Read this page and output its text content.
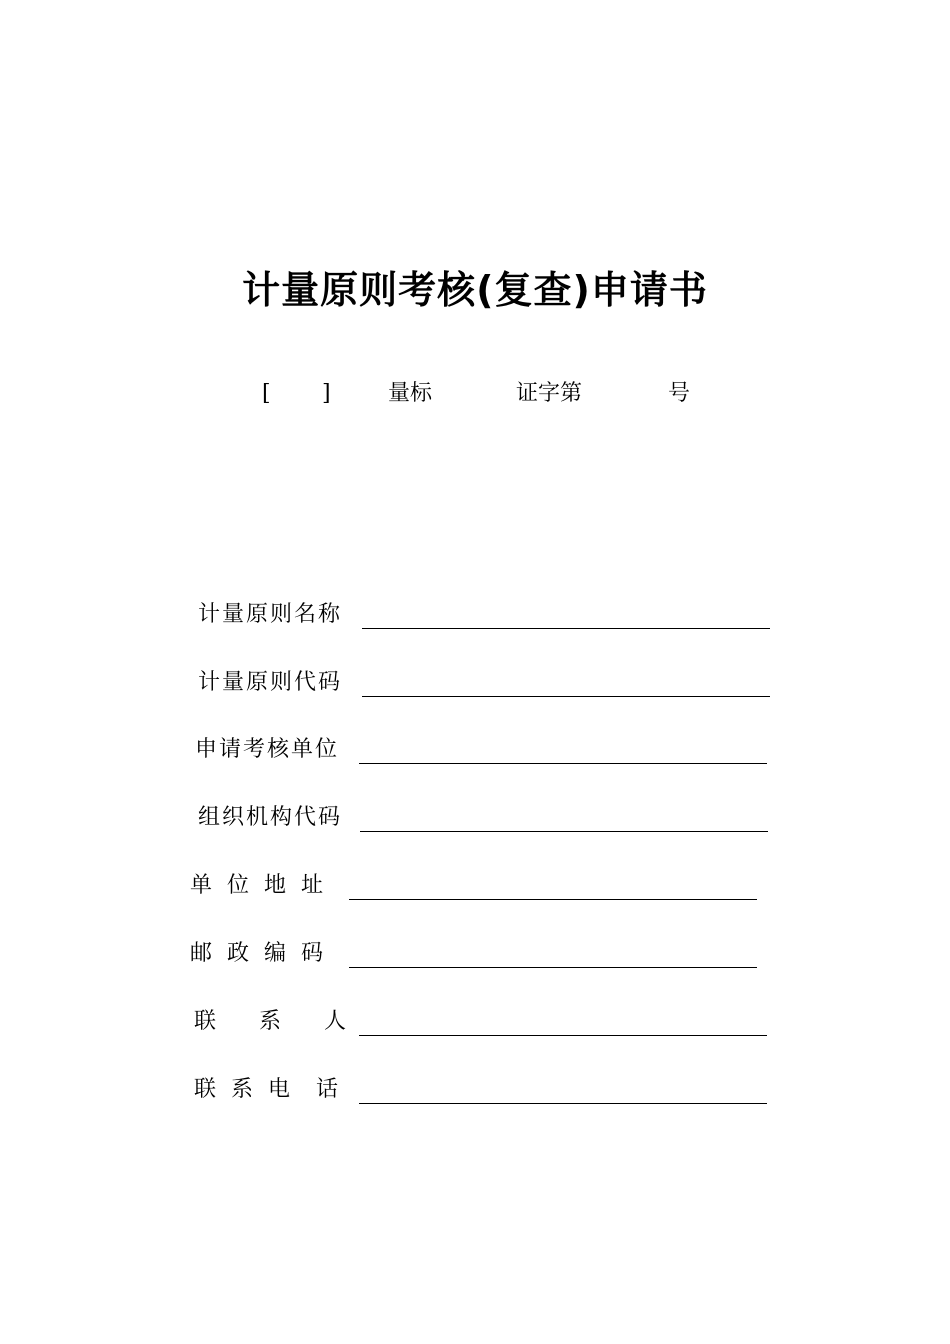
计量原则考核(复查)申请书
[ ]	量标	证字第	号
计量原则名称
计量原则代码
申请考核单位
组织机构代码
单 位 地 址
邮 政 编 码
联    系    人
联 系 电  话
